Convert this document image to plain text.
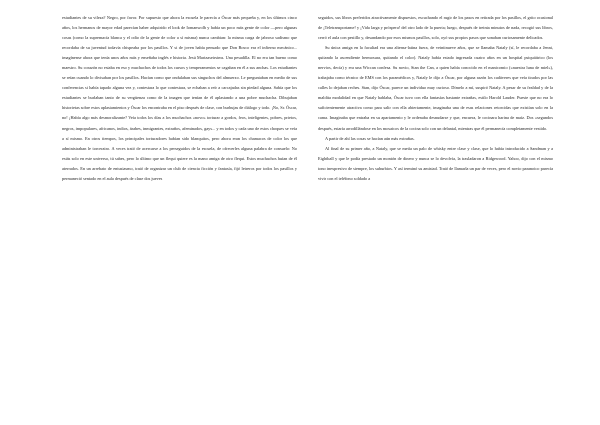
estudiantes de su vileza? Negro, por favor. Por supuesto que ahora la escuela le parecía a Óscar más pequeña y, en los últimos cinco años, los hermanos de mayor edad parecían haber adquirido el look de Iomanwolb y había un poco más gente de color —pero algunas cosas (como la supremacía blanca y el odio de la gente de color a sí misma) nunca cambian: la misma carga de jabroso sadismo que recordaba de su juventud todavía chispeaba por los pasillos. Y si de joven había pensado que Don Bosco era el infierno mecánico... imagínense ahora que tenía unos años más y enseñaba inglés e historia. Jesú Marizaseirsims. Una pesadilla. El no era tan bueno como maestro. Su corazón no estaba en eso y muchachos de todos los cursos y temperamentos se cagaban en él a sus anchas. Los estudiantes se reían cuando lo divisaban por los pasillos. Hacían como que ondulaban sus singuchos del almuerzo. Le preguntaban en medio de sus conferencias si había tapado alguna vez y, contestara lo que contestara, se echaban a reír a carcajadas sin piedad alguna. Sabía que los estudiantes se burlaban tanto de su vergüenza como de la imagen que tenían de él aplastando a una pobre muchacha. Dibujaban historietas sobre estos aplastamientos y Óscar los encontraba en el piso después de clase, con burbujas de diálogo y todo. ¡No, Sr. Óscar, no! ¡Había algo más desmoralizante? Veía todos los días a los muchachos «novo» torturar a gordos, feos, inteligentes, pobres, prietos, negros, impopulares, africanos, indios, árabes, inmigrantes, extraños, afeminados, gays... y en todos y cada uno de estos choques se veía a sí mismo. En otros tiempos, los principales torturadores habían sido blanquitos, pero ahora eran los chamacos de color los que administraban le torcerairo. A veces trató de acercarse a los perseguidos de la escuela, de ofrecerles alguna palabra de consuelo: No estás solo en este universo, tú sabes, pero lo último que un flequi quiere es la mano amiga de otro flequi. Estos muchachos huían de él aterrados. En un arrebato de entusiasmo, trató de organizar un club de ciencia ficción y fantasía, fijó letreros por todos los pasillos y permaneció sentado en el aula después de clase dos jueves

seguidos, sus libros preferidos atractivamente dispuestos, escuchando el rugir de los pasos en retirada por los pasillos, el grito ocasional de ¡Teletransportame! y ¡Vida larga y próspera! del otro lado de la puerta; luego, después de treinta minutos de nada, recogió sus libros, cerró el aula con pestillo y, desandando por esos mismos pasillos, solo, oyó sus propios pasos que sonaban curiosamente delicados.

Su única amiga en la facultad era una alterna-latina fuera, de veintinueve años, que se llamaba Nataly (sí, le recordaba a Jenni, quitando la ascendiente hermosura, quitando el color). Nataly había estado ingresada cuatro años en un hospital psiquiátrico (los nervios, decía) y era una Wiccan confesa. Su novio, Stan the Can, a quien había conocido en el manicomio (»nuestra luna de miel»), trabajaba como técnico de EMS con los paramédicos y, Nataly le dijo a Óscar, por alguna razón los cadáveres que veía tirados por las calles lo dejaban reches. Stan, dijo Óscar, parece un individuo muy curioso. Dímelo a mí, suspiró Nataly. A pesar de su fealdad y de la maldita modalidad en que Nataly hablaba, Óscar tuvo con ella fantasías bastante extrañas, estilo Harold Lauder. Pueste que no era lo suficientemente atractiva como para salir con ella abiertamente, imaginaba una de esas relaciones retorcidas que existían solo en la cama. Imaginaba que entraba en su apartamento y le ordenaba desnudarse y que, encuera, le cocinara harina de maíz. Dos «segundos después, estaría arrodillándose en los mosaicos de la cocina solo con un delantal, mientras que él permanecía completamente vestido.

A partir de ahí las cosas se hacían aún más extrañas.

Al final de su primer año, a Nataly, que se metía un palo de whisky entre clase y clase, que lo había introducido a Sandman y a Eightball y que le podía prestado un montón de dinero y nunca se lo devolvía, la trasladaron a Ridgewood. Yahoo, dijo con el mismo tono inexpresivo de siempre, los suburbios. Y así terminó su amistad. Trató de llamarla un par de veces, pero el novio paranoico parecía vivir con el teléfono soldado a
